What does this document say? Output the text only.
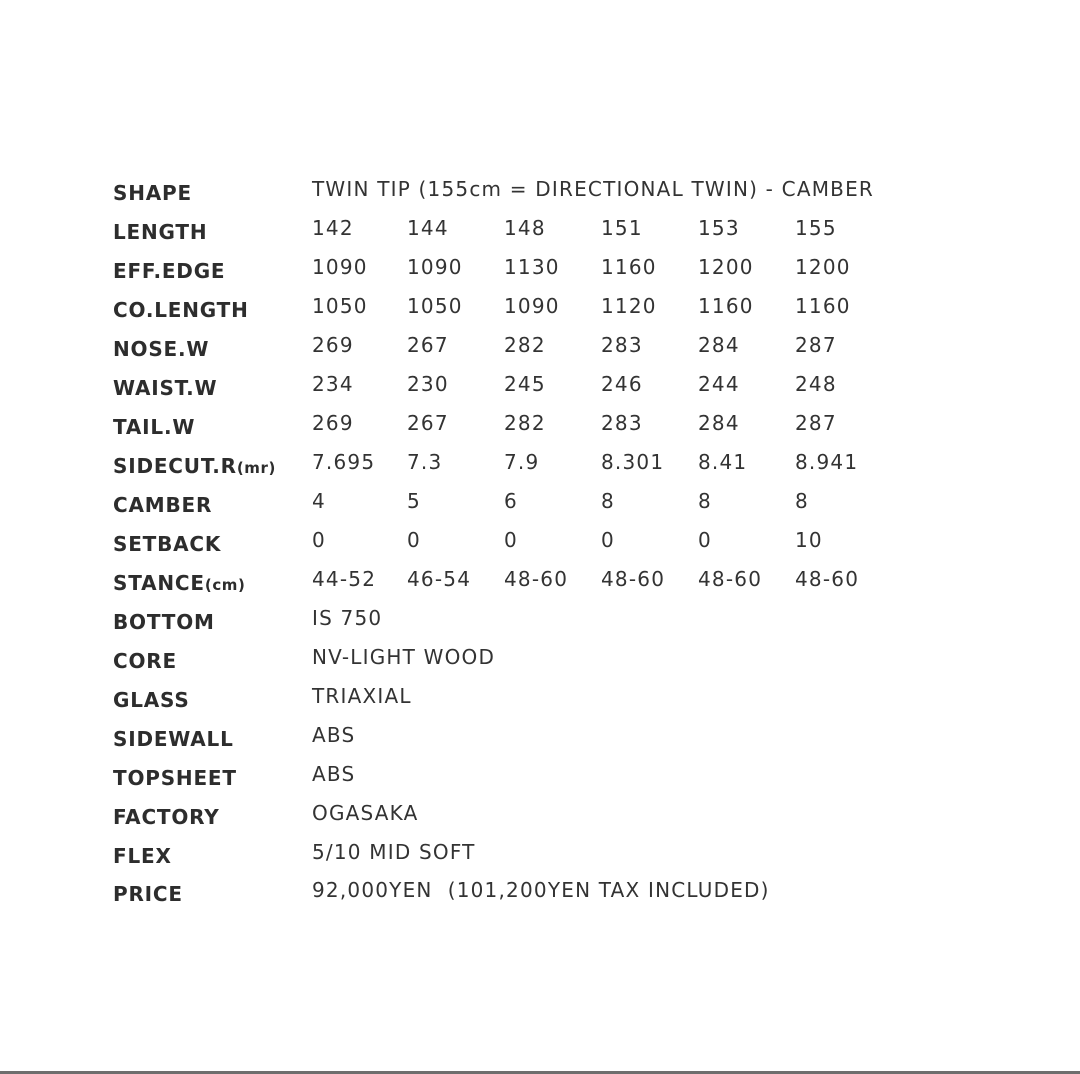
SHAPE	TWIN TIP (155cm = DIRECTIONAL TWIN) - CAMBER
LENGTH	142	144	148	151	153	155
EFF.EDGE	1090 1090 1130 1160 1200 1200
CO.LENGTH	1050 1050 1090 1120 1160 1160
NOSE.W	269	267	282	283	284	287
WAIST.W	234	230	245	246	244	248
TAIL.W	269	267	282	283	284	287
SIDECUT.R(mr) 7.695 7.3	7.9	8.301 8.41 8.941
CAMBER	4	5	6	8	8	8
SETBACK	0	0	0	0	0	10
STANCE(cm)	44-52 46-54 48-60 48-60 48-60 48-60
BOTTOM	IS 750
CORE	NV-LIGHT WOOD
GLASS	TRIAXIAL
SIDEWALL	ABS
TOPSHEET	ABS
FACTORY	OGASAKA
FLEX	5/10 MID SOFT
PRICE	92,000YEN  (101,200YEN TAX INCLUDED)
